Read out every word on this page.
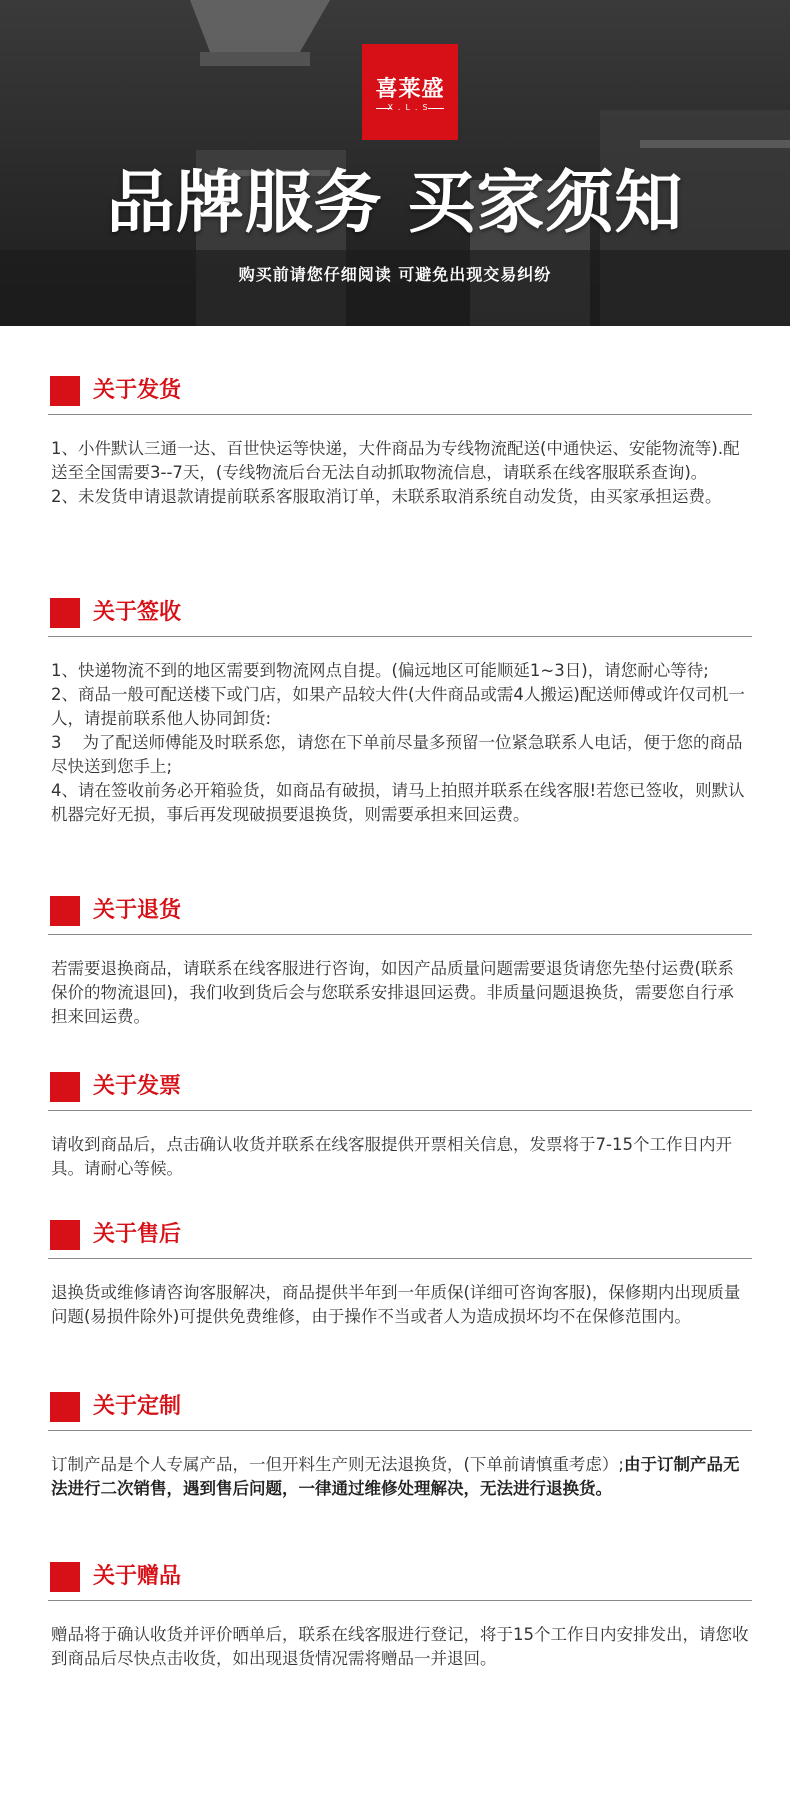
喜莱盛
X.L.S
品牌服务 买家须知
购买前请您仔细阅读 可避免出现交易纠纷
关于发货

1、小件默认三通一达、百世快运等快递，大件商品为专线物流配送(中通快运、安能物流等).配送至全国需要3--7天，(专线物流后台无法自动抓取物流信息，请联系在线客服联系查询)。

2、未发货申请退款请提前联系客服取消订单，未联系取消系统自动发货，由买家承担运费。

关于签收

1、快递物流不到的地区需要到物流网点自提。(偏远地区可能顺延1~3日)，请您耐心等待;

2、商品一般可配送楼下或门店，如果产品较大件(大件商品或需4人搬运)配送师傅或许仅司机一人，请提前联系他人协同卸货:

3    为了配送师傅能及时联系您，请您在下单前尽量多预留一位紧急联系人电话，便于您的商品尽快送到您手上;

4、请在签收前务必开箱验货，如商品有破损，请马上拍照并联系在线客服!若您已签收，则默认机器完好无损，事后再发现破损要退换货，则需要承担来回运费。

关于退货

若需要退换商品，请联系在线客服进行咨询，如因产品质量问题需要退货请您先垫付运费(联系保价的物流退回)，我们收到货后会与您联系安排退回运费。非质量问题退换货，需要您自行承担来回运费。

关于发票

请收到商品后，点击确认收货并联系在线客服提供开票相关信息，发票将于7-15个工作日内开具。请耐心等候。

关于售后

退换货或维修请咨询客服解决，商品提供半年到一年质保(详细可咨询客服)，保修期内出现质量问题(易损件除外)可提供免费维修，由于操作不当或者人为造成损坏均不在保修范围内。

关于定制

订制产品是个人专属产品，一但开料生产则无法退换货，(下单前请慎重考虑）;由于订制产品无法进行二次销售，遇到售后问题，一律通过维修处理解决，无法进行退换货。

关于赠品

赠品将于确认收货并评价晒单后，联系在线客服进行登记，将于15个工作日内安排发出，请您收到商品后尽快点击收货，如出现退货情况需将赠品一并退回。
